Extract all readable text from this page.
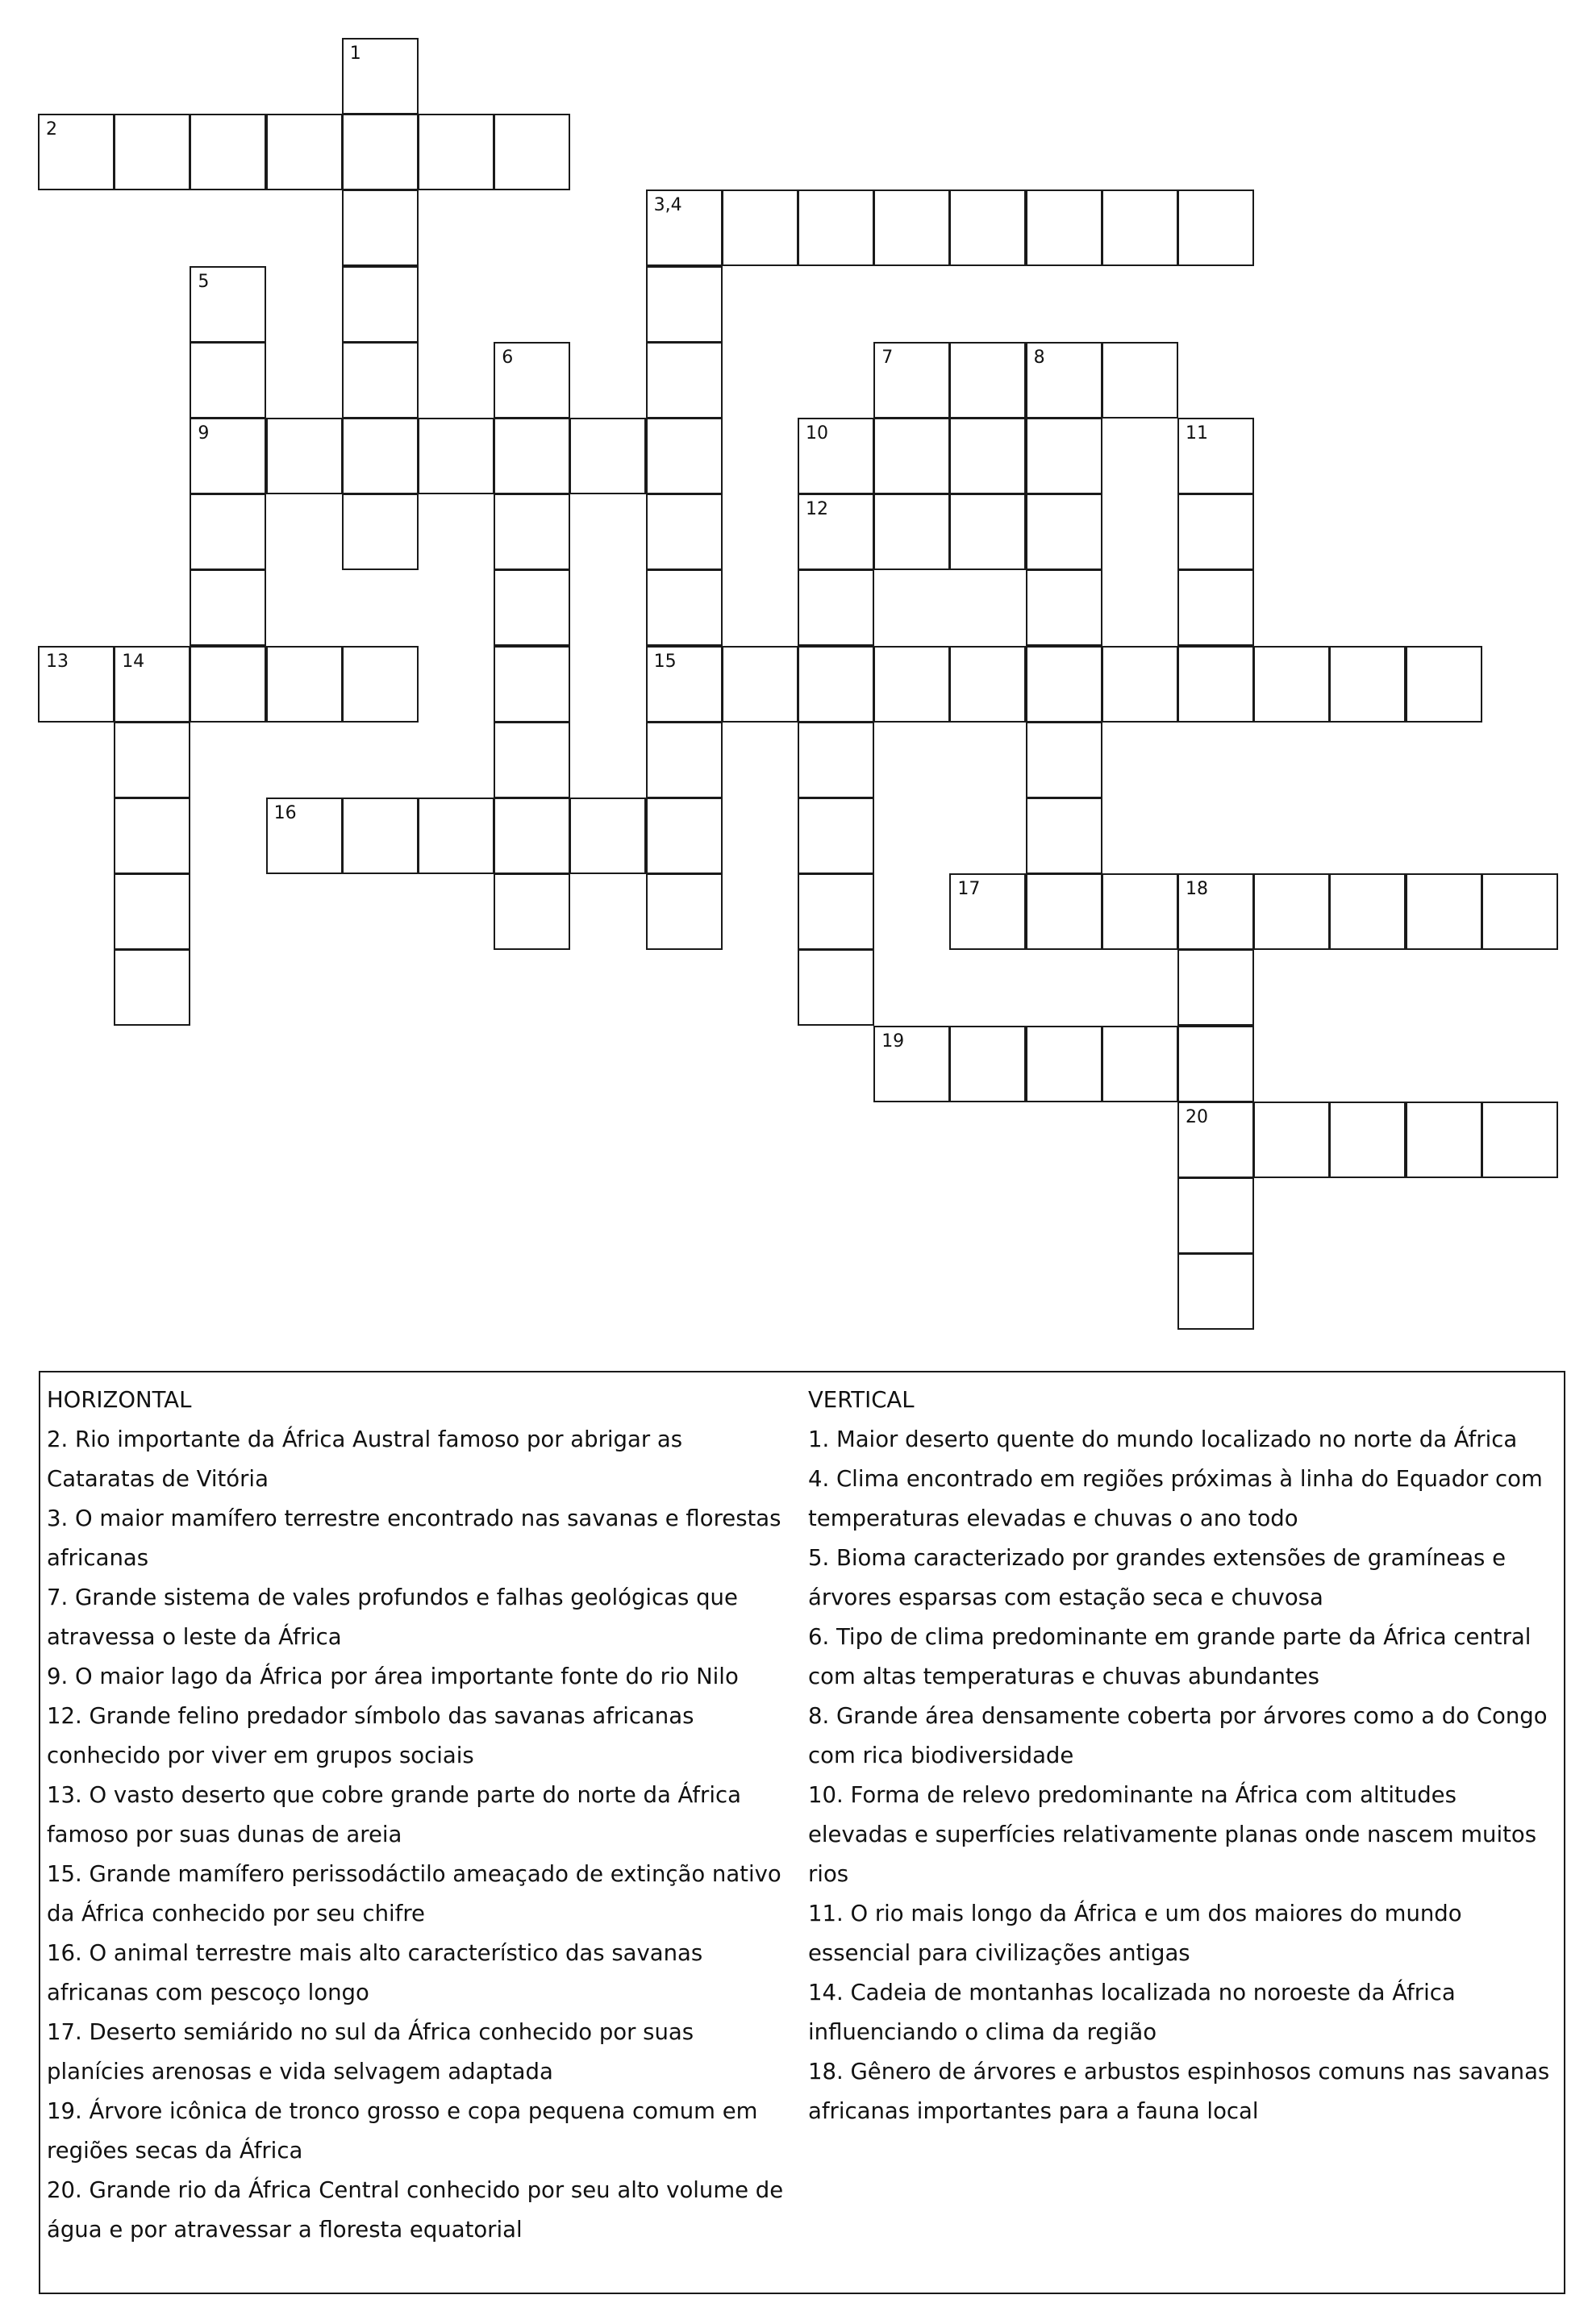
1
2
3,4
15
5
9
6	7	8
10
12
11
13	14
16
17	18
20
19

HORIZONTAL

2. Rio importante da África Austral famoso por abrigar as Cataratas de Vitória

3. O maior mamífero terrestre encontrado nas savanas e florestas africanas

7. Grande sistema de vales profundos e falhas geológicas que atravessa o leste da África

9. O maior lago da África por área importante fonte do rio Nilo

12. Grande felino predador símbolo das savanas africanas conhecido por viver em grupos sociais

13. O vasto deserto que cobre grande parte do norte da África famoso por suas dunas de areia

15. Grande mamífero perissodáctilo ameaçado de extinção nativo da África conhecido por seu chifre

16. O animal terrestre mais alto característico das savanas africanas com pescoço longo

17. Deserto semiárido no sul da África conhecido por suas planícies arenosas e vida selvagem adaptada

19. Árvore icônica de tronco grosso e copa pequena comum em regiões secas da África

20. Grande rio da África Central conhecido por seu alto volume de água e por atravessar a floresta equatorial

VERTICAL

1. Maior deserto quente do mundo localizado no norte da África

4. Clima encontrado em regiões próximas à linha do Equador com temperaturas elevadas e chuvas o ano todo

5. Bioma caracterizado por grandes extensões de gramíneas e árvores esparsas com estação seca e chuvosa

6. Tipo de clima predominante em grande parte da África central com altas temperaturas e chuvas abundantes

8. Grande área densamente coberta por árvores como a do Congo com rica biodiversidade

10. Forma de relevo predominante na África com altitudes elevadas e superfícies relativamente planas onde nascem muitos rios

11. O rio mais longo da África e um dos maiores do mundo essencial para civilizações antigas

14. Cadeia de montanhas localizada no noroeste da África influenciando o clima da região

18. Gênero de árvores e arbustos espinhosos comuns nas savanas africanas importantes para a fauna local
